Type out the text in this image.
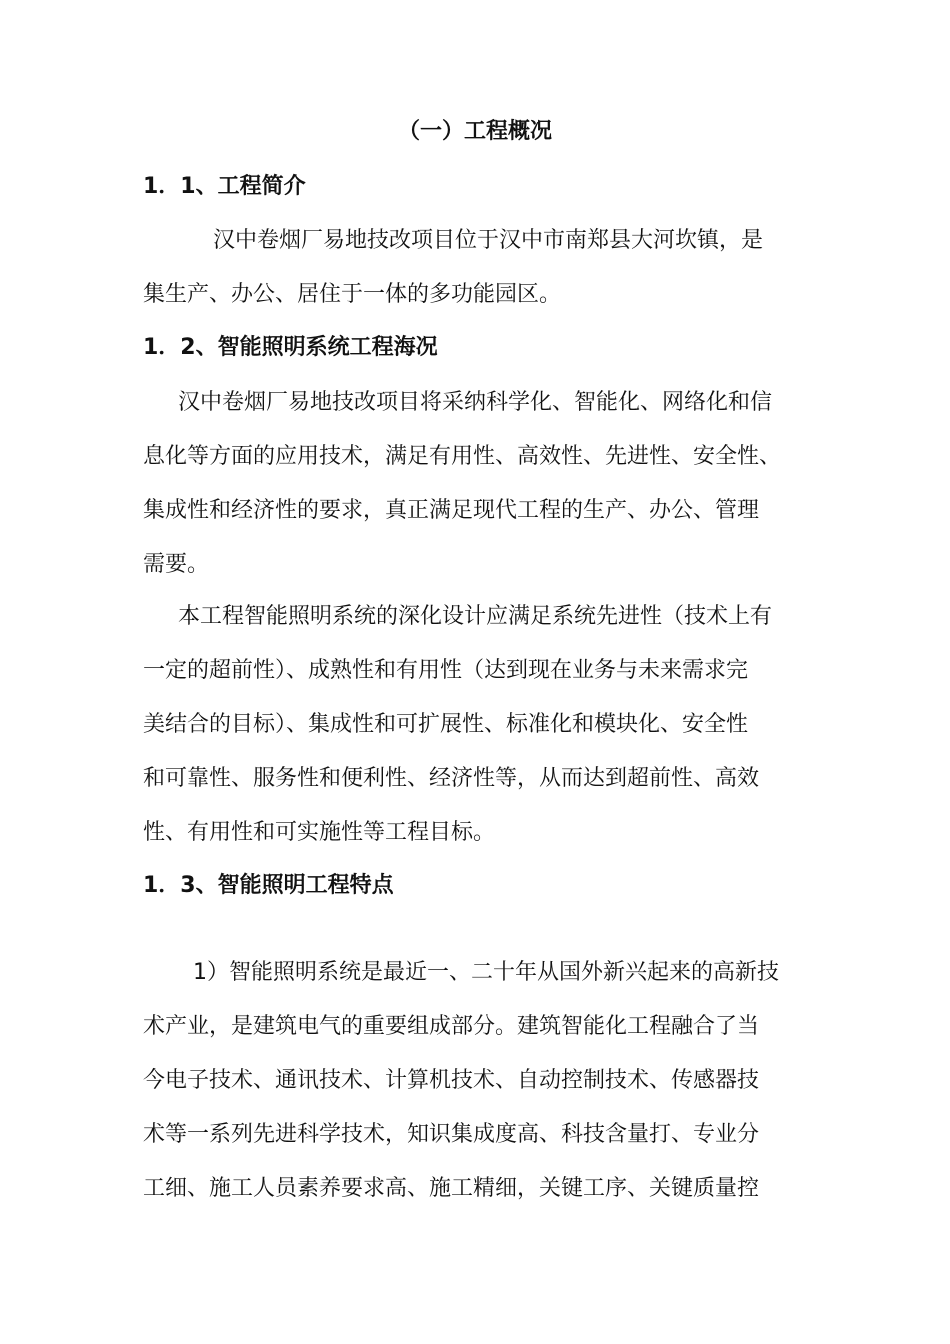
（一）工程概况
1．1、工程简介
汉中卷烟厂易地技改项目位于汉中市南郑县大河坎镇，是
集生产、办公、居住于一体的多功能园区。
1．2、智能照明系统工程海况
汉中卷烟厂易地技改项目将采纳科学化、智能化、网络化和信
息化等方面的应用技术，满足有用性、高效性、先进性、安全性、
集成性和经济性的要求，真正满足现代工程的生产、办公、管理
需要。
本工程智能照明系统的深化设计应满足系统先进性（技术上有
一定的超前性）、成熟性和有用性（达到现在业务与未来需求完
美结合的目标）、集成性和可扩展性、标准化和模块化、安全性
和可靠性、服务性和便利性、经济性等，从而达到超前性、高效
性、有用性和可实施性等工程目标。
1．3、智能照明工程特点
1）智能照明系统是最近一、二十年从国外新兴起来的高新技
术产业，是建筑电气的重要组成部分。建筑智能化工程融合了当
今电子技术、通讯技术、计算机技术、自动控制技术、传感器技
术等一系列先进科学技术，知识集成度高、科技含量打、专业分
工细、施工人员素养要求高、施工精细，关键工序、关键质量控
